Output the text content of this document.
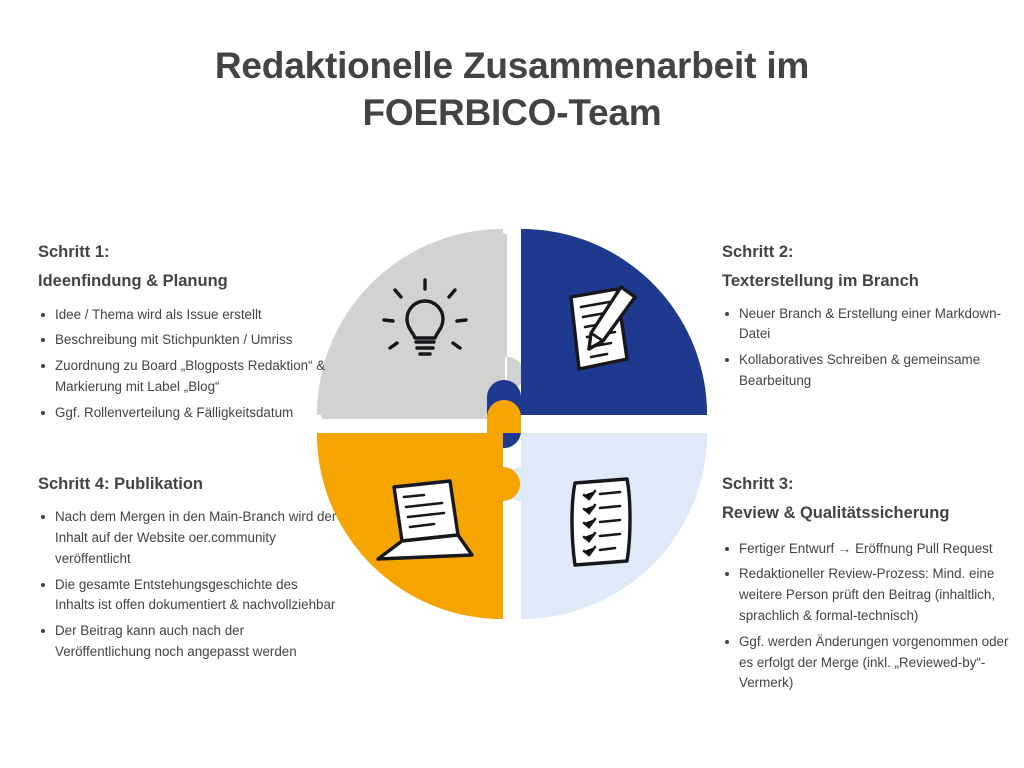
Redaktionelle Zusammenarbeit im
FOERBICO-Team
Schritt 1:
Ideenfindung & Planung
Idee / Thema wird als Issue erstellt
Beschreibung mit Stichpunkten / Umriss
Zuordnung zu Board „Blogposts Redaktion“ & Markierung mit Label „Blog“
Ggf. Rollenverteilung & Fälligkeitsdatum
Schritt 2:
Texterstellung im Branch
Neuer Branch & Erstellung einer Markdown-Datei
Kollaboratives Schreiben & gemeinsame Bearbeitung
Schritt 4: Publikation
Nach dem Mergen in den Main-Branch wird der Inhalt auf der Website oer.community veröffentlicht
Die gesamte Entstehungsgeschichte des Inhalts ist offen dokumentiert & nachvollziehbar
Der Beitrag kann auch nach der Veröffentlichung noch angepasst werden
Schritt 3:
Review & Qualitätssicherung
Fertiger Entwurf → Eröffnung Pull Request
Redaktioneller Review-Prozess: Mind. eine weitere Person prüft den Beitrag (inhaltlich, sprachlich & formal-technisch)
Ggf. werden Änderungen vorgenommen oder es erfolgt der Merge (inkl. „Reviewed-by“-Vermerk)
